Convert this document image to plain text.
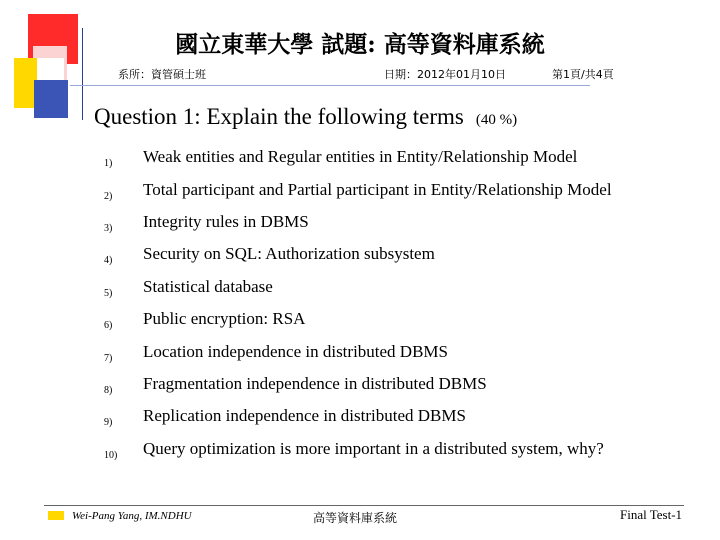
國立東華大學 試題: 高等資料庫系統
系所：資管碩士班	日期：2012年01月10日	第1頁/共4頁
Question 1: Explain the following terms (40 %)
1) Weak entities and Regular entities in Entity/Relationship Model
2) Total participant and Partial participant in Entity/Relationship Model
3) Integrity rules in DBMS
4) Security on SQL: Authorization subsystem
5) Statistical database
6) Public encryption: RSA
7) Location independence in distributed DBMS
8) Fragmentation independence in distributed DBMS
9) Replication independence in distributed DBMS
10) Query optimization is more important in a distributed system, why?
Wei-Pang Yang, IM.NDHU	高等資料庫系統	Final Test-1
